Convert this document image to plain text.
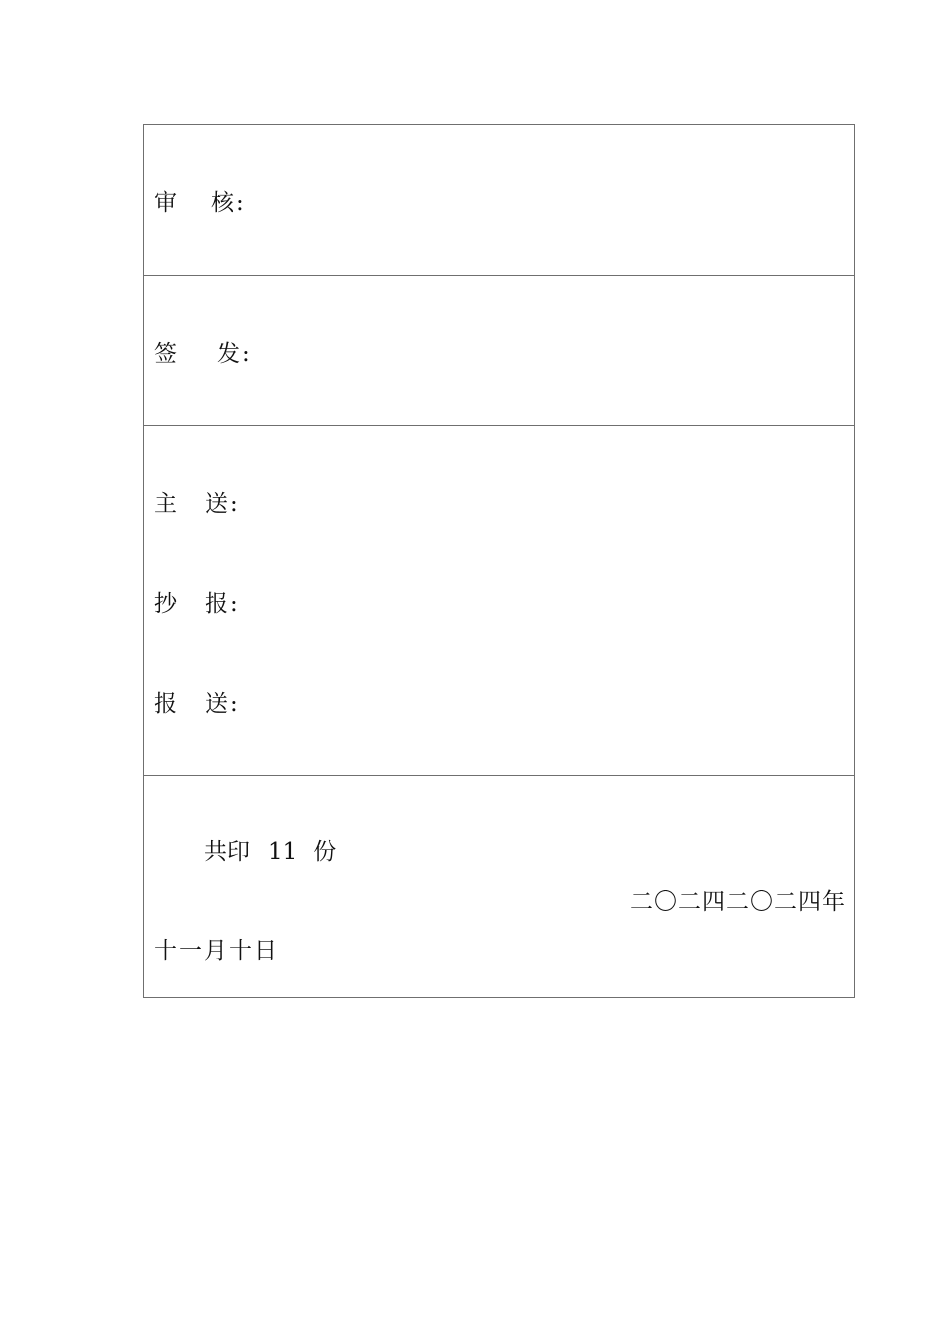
审 核:
签 发:
主 送:
抄 报:
报 送:
共印 11 份
二〇二四二〇二四年
十一月十日
